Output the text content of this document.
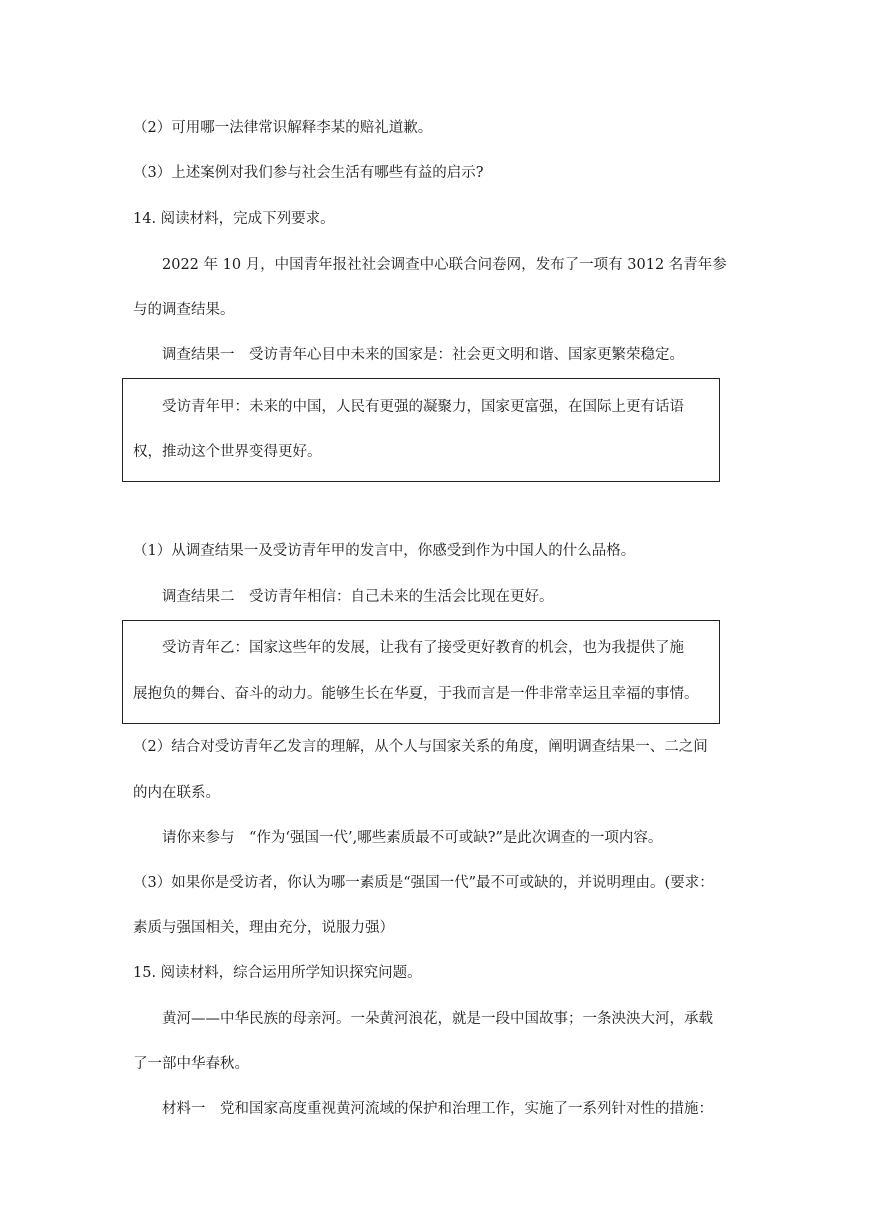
（2）可用哪一法律常识解释李某的赔礼道歉。
（3）上述案例对我们参与社会生活有哪些有益的启示?
14. 阅读材料，完成下列要求。
2022 年 10 月，中国青年报社社会调查中心联合问卷网，发布了一项有 3012 名青年参
与的调查结果。
调查结果一　受访青年心目中未来的国家是：社会更文明和谐、国家更繁荣稳定。
受访青年甲：未来的中国，人民有更强的凝聚力，国家更富强，在国际上更有话语
权，推动这个世界变得更好。
（1）从调查结果一及受访青年甲的发言中，你感受到作为中国人的什么品格。
调查结果二　受访青年相信：自己未来的生活会比现在更好。
受访青年乙：国家这些年的发展，让我有了接受更好教育的机会，也为我提供了施
展抱负的舞台、奋斗的动力。能够生长在华夏，于我而言是一件非常幸运且幸福的事情。
（2）结合对受访青年乙发言的理解，从个人与国家关系的角度，阐明调查结果一、二之间
的内在联系。
请你来参与　“作为‘强国一代’,哪些素质最不可或缺?”是此次调查的一项内容。
（3）如果你是受访者，你认为哪一素质是“强国一代”最不可或缺的，并说明理由。(要求：
素质与强国相关，理由充分，说服力强）
15. 阅读材料，综合运用所学知识探究问题。
黄河——中华民族的母亲河。一朵黄河浪花，就是一段中国故事；一条泱泱大河，承载
了一部中华春秋。
材料一　党和国家高度重视黄河流域的保护和治理工作，实施了一系列针对性的措施：
